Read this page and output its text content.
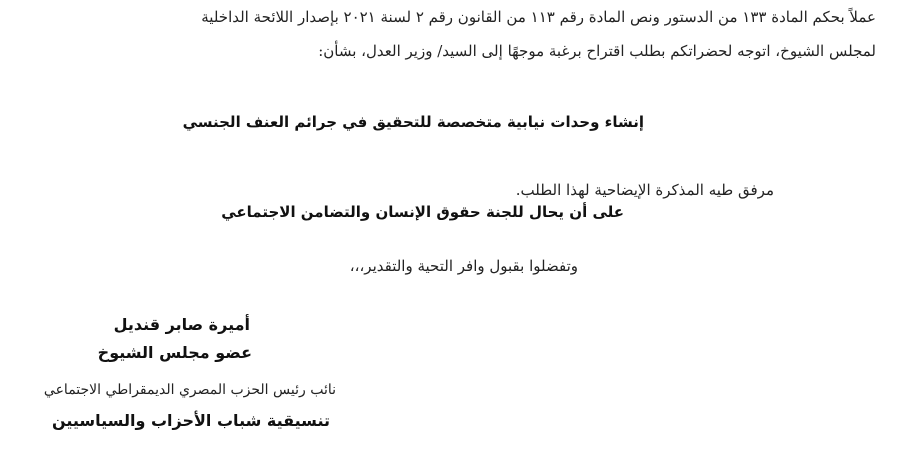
عملاً بحكم المادة ١٣٣ من الدستور ونص المادة رقم ١١٣ من القانون رقم ٢ لسنة ٢٠٢١ بإصدار اللائحة الداخلية
لمجلس الشيوخ، اتوجه لحضراتكم بطلب اقتراح برغبة موجهًا إلى السيد/ وزير العدل، بشأن:
إنشاء وحدات نيابية متخصصة للتحقيق في جرائم العنف الجنسي
مرفق طيه المذكرة الإيضاحية لهذا الطلب.
على أن يحال للجنة حقوق الإنسان والتضامن الاجتماعي
وتفضلوا بقبول وافر التحية والتقدير،،،
أميرة صابر قنديل
عضو مجلس الشيوخ
نائب رئيس الحزب المصري الديمقراطي الاجتماعي
تنسيقية شباب الأحزاب والسياسيين
